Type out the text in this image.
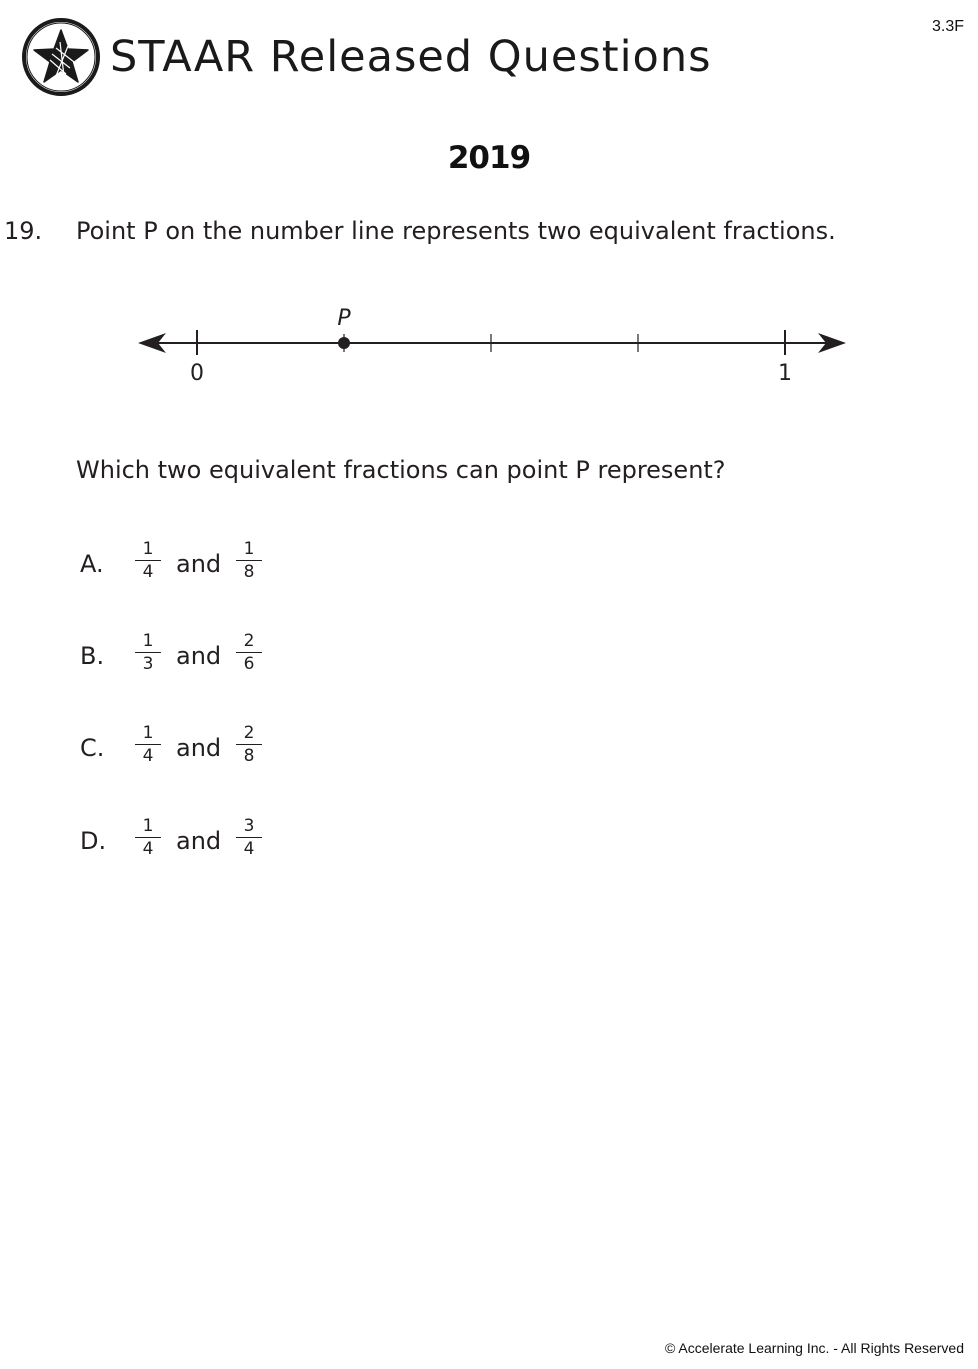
STAAR Released Questions
3.3F
2019
19. Point P on the number line represents two equivalent fractions.
P
0	1
Which two equivalent fractions can point P represent?
A.
1
4 and
1
8
B.
1
3 and
2
6
C.
1
4 and
2
8
D.
1
4 and
3
4
© Accelerate Learning Inc. - All Rights Reserved
